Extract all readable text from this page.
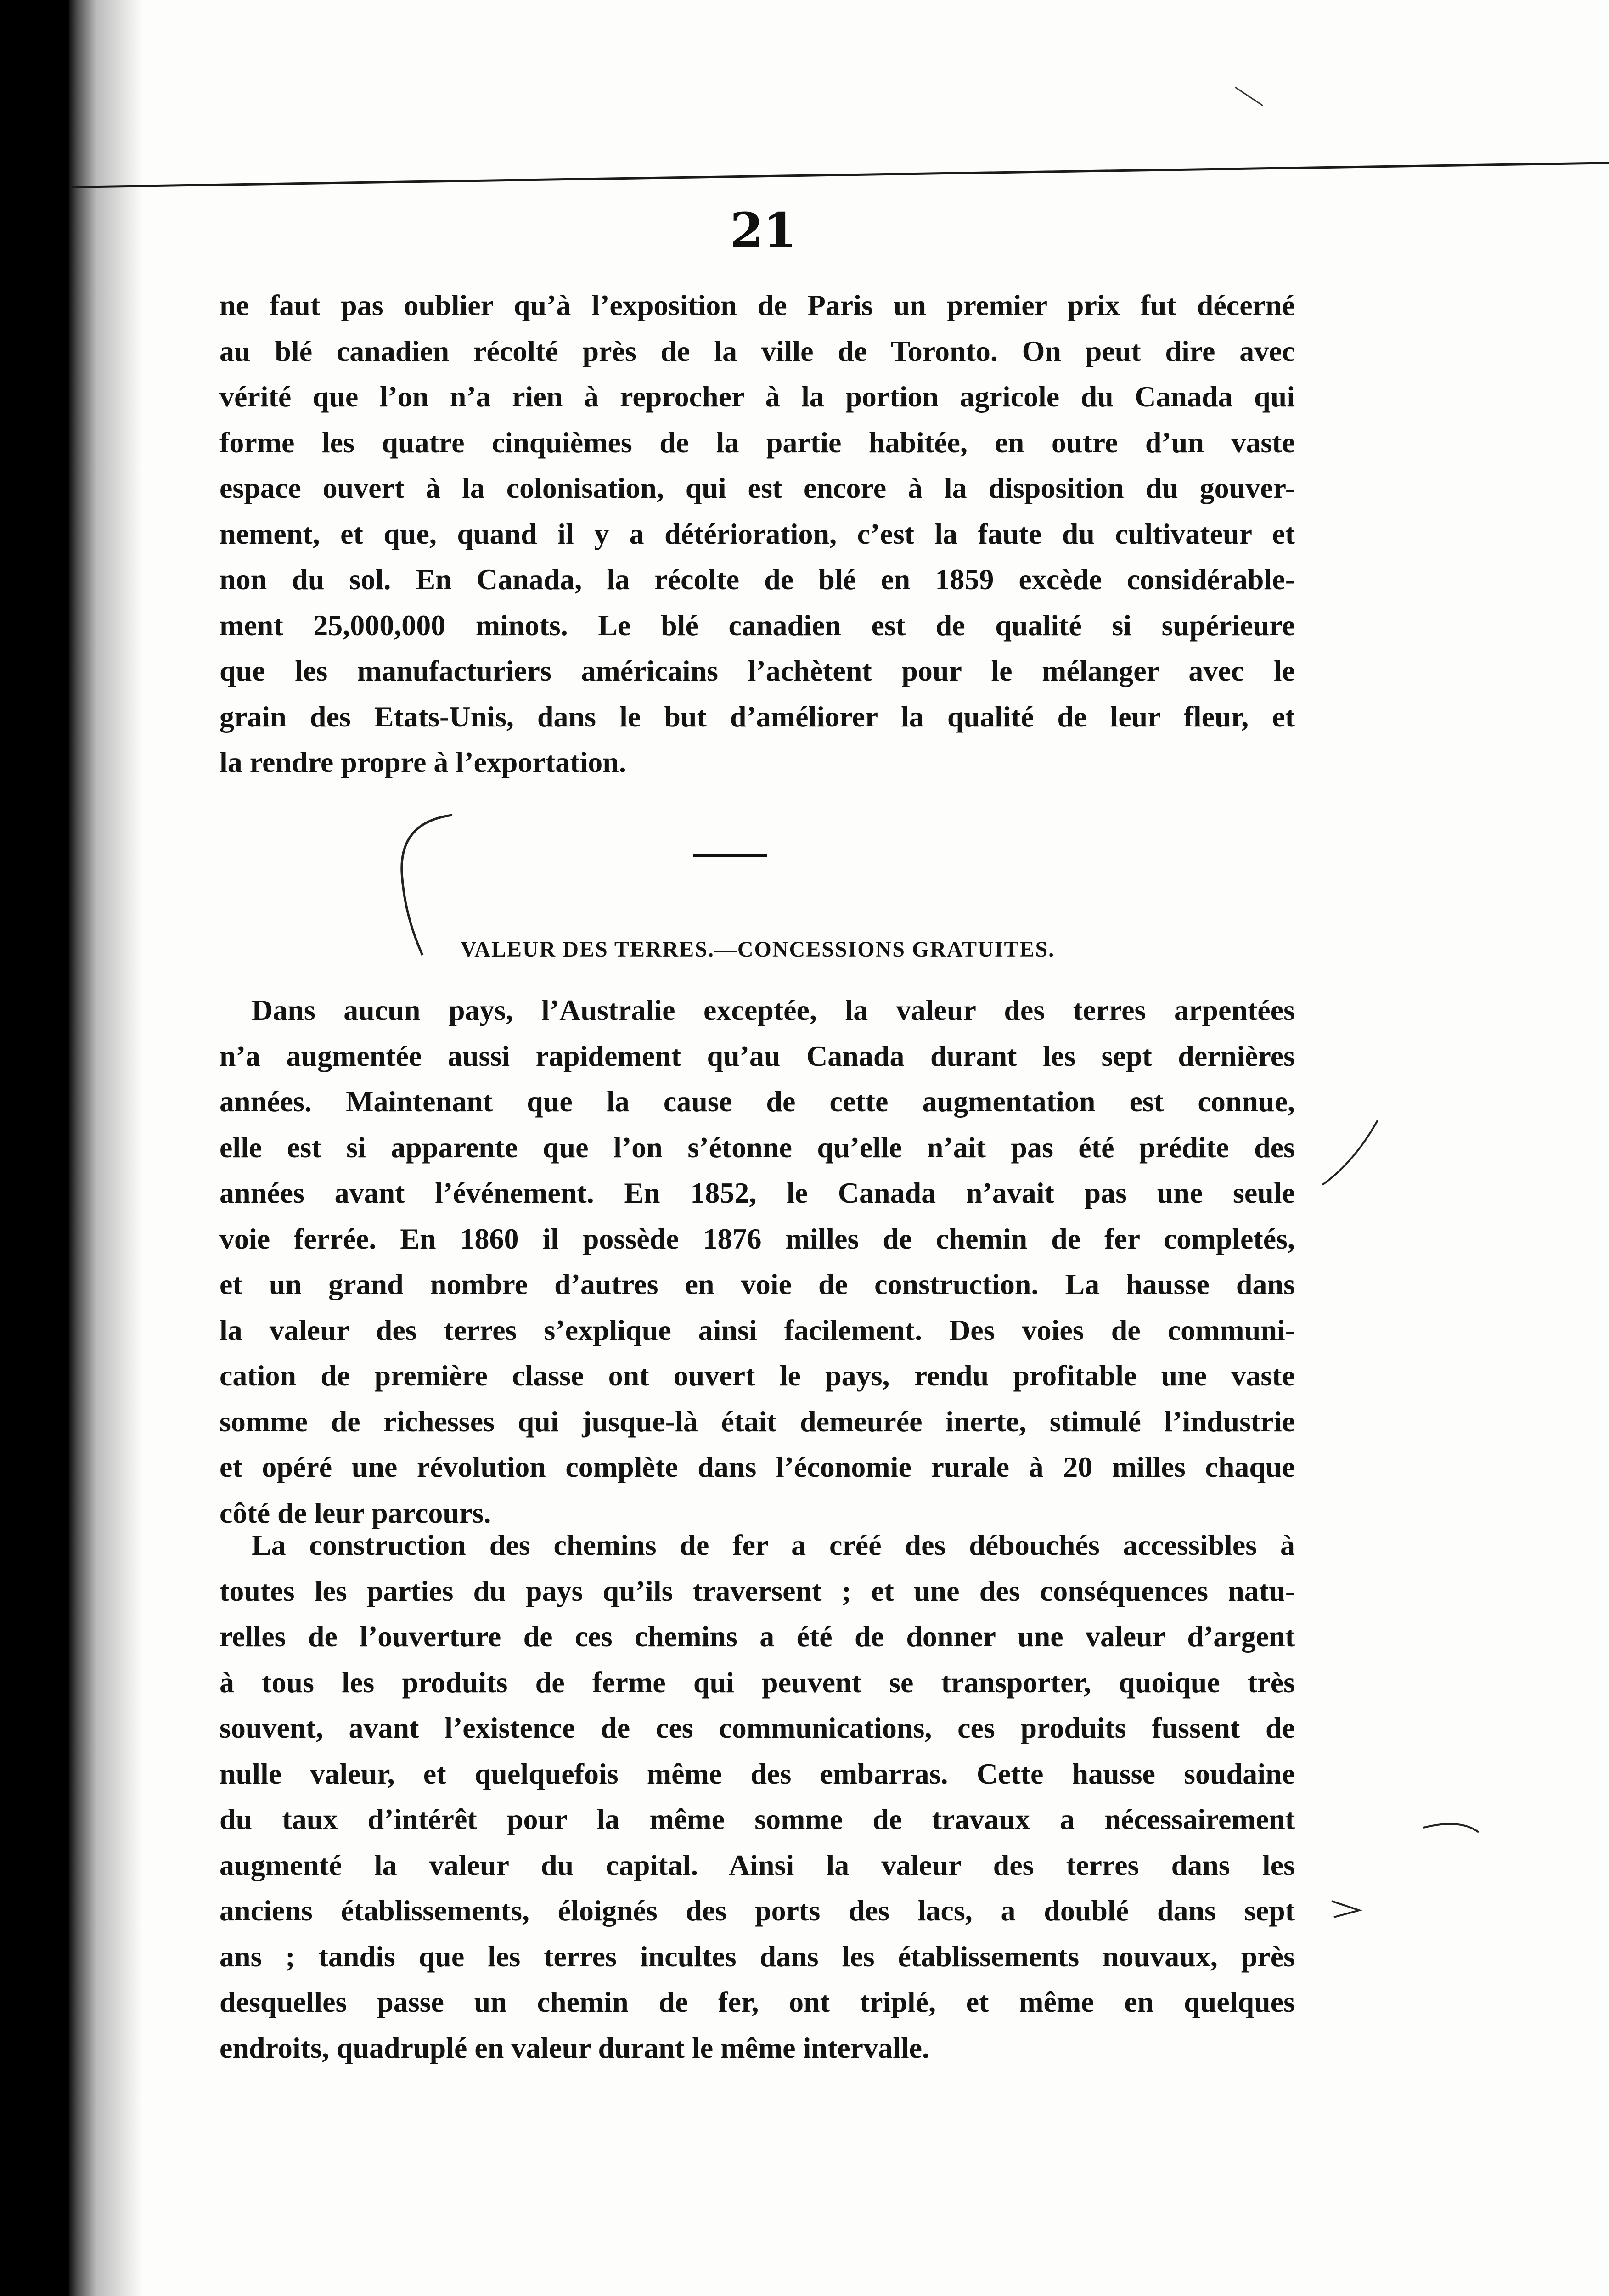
21
ne faut pas oublier qu’à l’exposition de Paris un premier prix fut décerné
au blé canadien récolté près de la ville de Toronto. On peut dire avec
vérité que l’on n’a rien à reprocher à la portion agricole du Canada qui
forme les quatre cinquièmes de la partie habitée, en outre d’un vaste
espace ouvert à la colonisation, qui est encore à la disposition du gouver-
nement, et que, quand il y a détérioration, c’est la faute du cultivateur et
non du sol. En Canada, la récolte de blé en 1859 excède considérable-
ment 25,000,000 minots. Le blé canadien est de qualité si supérieure
que les manufacturiers américains l’achètent pour le mélanger avec le
grain des Etats-Unis, dans le but d’améliorer la qualité de leur fleur, et
la rendre propre à l’exportation.
VALEUR DES TERRES.—CONCESSIONS GRATUITES.
Dans aucun pays, l’Australie exceptée, la valeur des terres arpentées
n’a augmentée aussi rapidement qu’au Canada durant les sept dernières
années. Maintenant que la cause de cette augmentation est connue,
elle est si apparente que l’on s’étonne qu’elle n’ait pas été prédite des
années avant l’événement. En 1852, le Canada n’avait pas une seule
voie ferrée. En 1860 il possède 1876 milles de chemin de fer completés,
et un grand nombre d’autres en voie de construction. La hausse dans
la valeur des terres s’explique ainsi facilement. Des voies de communi-
cation de première classe ont ouvert le pays, rendu profitable une vaste
somme de richesses qui jusque-là était demeurée inerte, stimulé l’industrie
et opéré une révolution complète dans l’économie rurale à 20 milles chaque
côté de leur parcours.
La construction des chemins de fer a créé des débouchés accessibles à
toutes les parties du pays qu’ils traversent ; et une des conséquences natu-
relles de l’ouverture de ces chemins a été de donner une valeur d’argent
à tous les produits de ferme qui peuvent se transporter, quoique très
souvent, avant l’existence de ces communications, ces produits fussent de
nulle valeur, et quelquefois même des embarras. Cette hausse soudaine
du taux d’intérêt pour la même somme de travaux a nécessairement
augmenté la valeur du capital. Ainsi la valeur des terres dans les
anciens établissements, éloignés des ports des lacs, a doublé dans sept
ans ; tandis que les terres incultes dans les établissements nouvaux, près
desquelles passe un chemin de fer, ont triplé, et même en quelques
endroits, quadruplé en valeur durant le même intervalle.
